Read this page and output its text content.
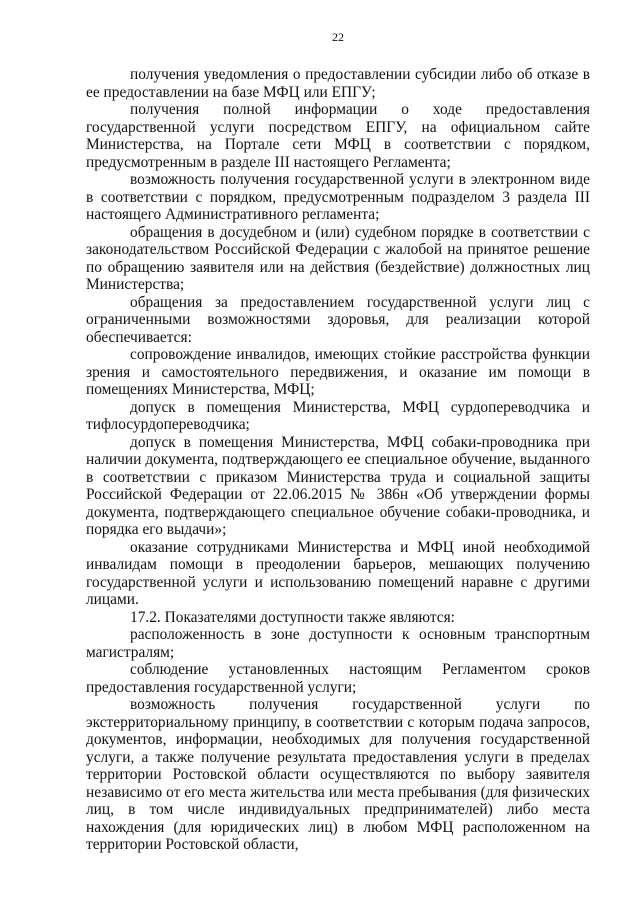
22

получения уведомления о предоставлении субсидии либо об отказе в ее предоставлении на базе МФЦ или ЕПГУ;

получения полной информации о ходе предоставления государственной услуги посредством ЕПГУ, на официальном сайте Министерства, на Портале сети МФЦ в соответствии с порядком, предусмотренным в разделе III настоящего Регламента;

возможность получения государственной услуги в электронном виде в соответствии с порядком, предусмотренным подразделом 3 раздела III настоящего Административного регламента;

обращения в досудебном и (или) судебном порядке в соответствии с законодательством Российской Федерации с жалобой на принятое решение по обращению заявителя или на действия (бездействие) должностных лиц Министерства;

обращения за предоставлением государственной услуги лиц с ограниченными возможностями здоровья, для реализации которой обеспечивается:

сопровождение инвалидов, имеющих стойкие расстройства функции зрения и самостоятельного передвижения, и оказание им помощи в помещениях Министерства, МФЦ;

допуск в помещения Министерства, МФЦ сурдопереводчика и тифлосурдопереводчика;

допуск в помещения Министерства, МФЦ собаки-проводника при наличии документа, подтверждающего ее специальное обучение, выданного в соответствии с приказом Министерства труда и социальной защиты Российской Федерации от 22.06.2015 № 386н «Об утверждении формы документа, подтверждающего специальное обучение собаки-проводника, и порядка его выдачи»;

оказание сотрудниками Министерства и МФЦ иной необходимой инвалидам помощи в преодолении барьеров, мешающих получению государственной услуги и использованию помещений наравне с другими лицами.

17.2. Показателями доступности также являются:

расположенность в зоне доступности к основным транспортным магистралям;

соблюдение установленных настоящим Регламентом сроков предоставления государственной услуги;

возможность получения государственной услуги по экстерриториальному принципу, в соответствии с которым подача запросов, документов, информации, необходимых для получения государственной услуги, а также получение результата предоставления услуги в пределах территории Ростовской области осуществляются по выбору заявителя независимо от его места жительства или места пребывания (для физических лиц, в том числе индивидуальных предпринимателей) либо места нахождения (для юридических лиц) в любом МФЦ расположенном на территории Ростовской области,
